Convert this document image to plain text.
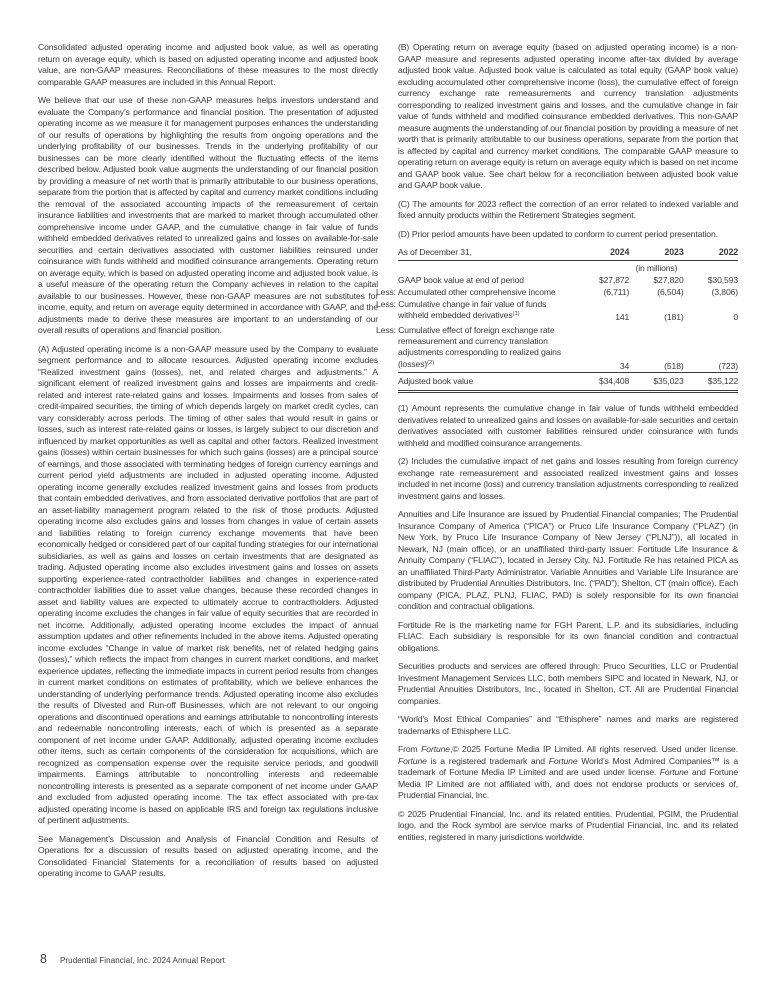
Consolidated adjusted operating income and adjusted book value, as well as operating return on average equity, which is based on adjusted operating income and adjusted book value, are non-GAAP measures. Reconciliations of these measures to the most directly comparable GAAP measures are included in this Annual Report.

We believe that our use of these non-GAAP measures helps investors understand and evaluate the Company’s performance and financial position. The presentation of adjusted operating income as we measure it for management purposes enhances the understanding of our results of operations by highlighting the results from ongoing operations and the underlying profitability of our businesses. Trends in the underlying profitability of our businesses can be more clearly identified without the fluctuating effects of the items described below. Adjusted book value augments the understanding of our financial position by providing a measure of net worth that is primarily attributable to our business operations, separate from the portion that is affected by capital and currency market conditions including the removal of the associated accounting impacts of the remeasurement of certain insurance liabilities and investments that are marked to market through accumulated other comprehensive income under GAAP, and the cumulative change in fair value of funds withheld embedded derivatives related to unrealized gains and losses on available-for-sale securities and certain derivatives associated with customer liabilities reinsured under coinsurance with funds withheld and modified coinsurance arrangements. Operating return on average equity, which is based on adjusted operating income and adjusted book value, is a useful measure of the operating return the Company achieves in relation to the capital available to our businesses. However, these non-GAAP measures are not substitutes for income, equity, and return on average equity determined in accordance with GAAP, and the adjustments made to derive these measures are important to an understanding of our overall results of operations and financial position.

(A) Adjusted operating income is a non-GAAP measure used by the Company to evaluate segment performance and to allocate resources. Adjusted operating income excludes “Realized investment gains (losses), net, and related charges and adjustments.” A significant element of realized investment gains and losses are impairments and credit-related and interest rate-related gains and losses. Impairments and losses from sales of credit-impaired securities, the timing of which depends largely on market credit cycles, can vary considerably across periods. The timing of other sales that would result in gains or losses, such as interest rate-related gains or losses, is largely subject to our discretion and influenced by market opportunities as well as capital and other factors. Realized investment gains (losses) within certain businesses for which such gains (losses) are a principal source of earnings, and those associated with terminating hedges of foreign currency earnings and current period yield adjustments are included in adjusted operating income. Adjusted operating income generally excludes realized investment gains and losses from products that contain embedded derivatives, and from associated derivative portfolios that are part of an asset-liability management program related to the risk of those products. Adjusted operating income also excludes gains and losses from changes in value of certain assets and liabilities relating to foreign currency exchange movements that have been economically hedged or considered part of our capital funding strategies for our international subsidiaries, as well as gains and losses on certain investments that are designated as trading. Adjusted operating income also excludes investment gains and losses on assets supporting experience-rated contractholder liabilities and changes in experience-rated contractholder liabilities due to asset value changes, because these recorded changes in asset and liability values are expected to ultimately accrue to contractholders. Adjusted operating income excludes the changes in fair value of equity securities that are recorded in net income. Additionally, adjusted operating income excludes the impact of annual assumption updates and other refinements included in the above items. Adjusted operating income excludes “Change in value of market risk benefits, net of related hedging gains (losses),” which reflects the impact from changes in current market conditions, and market experience updates, reflecting the immediate impacts in current period results from changes in current market conditions on estimates of profitability, which we believe enhances the understanding of underlying performance trends. Adjusted operating income also excludes the results of Divested and Run-off Businesses, which are not relevant to our ongoing operations and discontinued operations and earnings attributable to noncontrolling interests and redeemable noncontrolling interests, each of which is presented as a separate component of net income under GAAP. Additionally, adjusted operating income excludes other items, such as certain components of the consideration for acquisitions, which are recognized as compensation expense over the requisite service periods, and goodwill impairments. Earnings attributable to noncontrolling interests and redeemable noncontrolling interests is presented as a separate component of net income under GAAP and excluded from adjusted operating income. The tax effect associated with pre-tax adjusted operating income is based on applicable IRS and foreign tax regulations inclusive of pertinent adjustments.

See Management’s Discussion and Analysis of Financial Condition and Results of Operations for a discussion of results based on adjusted operating income, and the Consolidated Financial Statements for a reconciliation of results based on adjusted operating income to GAAP results.

(B) Operating return on average equity (based on adjusted operating income) is a non-GAAP measure and represents adjusted operating income after-tax divided by average adjusted book value. Adjusted book value is calculated as total equity (GAAP book value) excluding accumulated other comprehensive income (loss), the cumulative effect of foreign currency exchange rate remeasurements and currency translation adjustments corresponding to realized investment gains and losses, and the cumulative change in fair value of funds withheld and modified coinsurance embedded derivatives. This non-GAAP measure augments the understanding of our financial position by providing a measure of net worth that is primarily attributable to our business operations, separate from the portion that is affected by capital and currency market conditions. The comparable GAAP measure to operating return on average equity is return on average equity which is based on net income and GAAP book value. See chart below for a reconciliation between adjusted book value and GAAP book value.

(C) The amounts for 2023 reflect the correction of an error related to indexed variable and fixed annuity products within the Retirement Strategies segment.

(D) Prior period amounts have been updated to conform to current period presentation.

As of December 31,	2024	2023	2022
	(in millions)		
GAAP book value at end of period	$27,872	$27,820	$30,593
Less: Accumulated other comprehensive income	(6,711)	(6,504)	(3,806)
Less: Cumulative change in fair value of funds withheld embedded derivatives$^{(1)}$	141	(181)	0
Less: Cumulative effect of foreign exchange rate remeasurement and currency translation adjustments corresponding to realized gains (losses)$^{(2)}$	34	(518)	(723)
Adjusted book value	$34,408	$35,023	$35,122

(1) Amount represents the cumulative change in fair value of funds withheld embedded derivatives related to unrealized gains and losses on available-for-sale securities and certain derivatives associated with customer liabilities reinsured under coinsurance with funds withheld and modified coinsurance arrangements.

(2) Includes the cumulative impact of net gains and losses resulting from foreign currency exchange rate remeasurement and associated realized investment gains and losses included in net income (loss) and currency translation adjustments corresponding to realized investment gains and losses.

Annuities and Life Insurance are issued by Prudential Financial companies; The Prudential Insurance Company of America (“PICA”) or Pruco Life Insurance Company (“PLAZ”) (in New York, by Pruco Life Insurance Company of New Jersey (“PLNJ”)), all located in Newark, NJ (main office), or an unaffiliated third-party issuer: Fortitude Life Insurance & Annuity Company (“FLIAC”), located in Jersey City, NJ. Fortitude Re has retained PICA as an unaffiliated Third-Party Administrator. Variable Annuities and Variable Life Insurance are distributed by Prudential Annuities Distributors, Inc. (“PAD”), Shelton, CT (main office). Each company (PICA, PLAZ, PLNJ, FLIAC, PAD) is solely responsible for its own financial condition and contractual obligations.

Fortitude Re is the marketing name for FGH Parent, L.P. and its subsidiaries, including FLIAC. Each subsidiary is responsible for its own financial condition and contractual obligations.

Securities products and services are offered through: Pruco Securities, LLC or Prudential Investment Management Services LLC, both members SIPC and located in Newark, NJ, or Prudential Annuities Distributors, Inc., located in Shelton, CT. All are Prudential Financial companies.

“World’s Most Ethical Companies” and “Ethisphere” names and marks are registered trademarks of Ethisphere LLC.

From Fortune,© 2025 Fortune Media IP Limited. All rights reserved. Used under license. Fortune is a registered trademark and Fortune World’s Most Admired Companies™ is a trademark of Fortune Media IP Limited and are used under license. Fortune and Fortune Media IP Limited are not affiliated with, and does not endorse products or services of, Prudential Financial, Inc.

© 2025 Prudential Financial, Inc. and its related entities. Prudential, PGIM, the Prudential logo, and the Rock symbol are service marks of Prudential Financial, Inc. and its related entities, registered in many jurisdictions worldwide.

8 Prudential Financial, Inc. 2024 Annual Report
